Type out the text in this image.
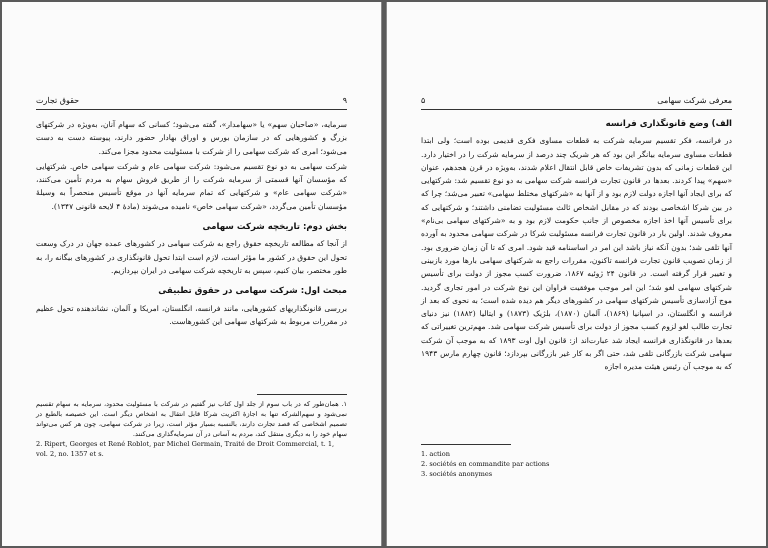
۹
حقوق تجارت

سرمایه، «صاحبان سهم» یا «سهامدار»، گفته می‌شود؛ کسانی که سهام آنان، به‌ویژه در شرکتهای بزرگ و کشورهایی که در سازمان بورس و اوراق بهادار حضور دارند، پیوسته دست به دست می‌شود؛ امری که شرکت سهامی را از شرکت با مسئولیت محدود مجزا می‌کند.

شرکت سهامی به دو نوع تقسیم می‌شود: شرکت سهامی عام و شرکت سهامی خاص. شرکتهایی که مؤسسان آنها قسمتی از سرمایه شرکت را از طریق فروش سهام به مردم تأمین می‌کنند، «شرکت سهامی عام» و شرکتهایی که تمام سرمایه آنها در موقع تأسیس منحصراً به وسیلهٔ مؤسسان تأمین می‌گردد، «شرکت سهامی خاص» نامیده می‌شوند (مادهٔ ۴ لایحه قانونی ۱۳۴۷).

بخش دوم: تاریخچه شرکت سهامی

از آنجا که مطالعه تاریخچه حقوق راجع به شرکت سهامی در کشورهای عمده جهان در درک وسعت تحول این حقوق در کشور ما مؤثر است، لازم است ابتدا تحول قانونگذاری در کشورهای بیگانه را، به طور مختصر، بیان کنیم، سپس به تاریخچه شرکت سهامی در ایران بپردازیم.

مبحث اول: شرکت سهامی در حقوق تطبیقی

بررسی قانونگذاریهای کشورهایی، مانند فرانسه، انگلستان، امریکا و آلمان، نشاندهنده تحول عظیم در مقررات مربوط به شرکتهای سهامی این کشورهاست.

۱. همان‌طور که در باب سوم از جلد اول کتاب نیز گفتیم در شرکت با مسئولیت محدود، سرمایه به سهام تقسیم نمی‌شود و سهم‌الشرکه تنها به اجازهٔ اکثریت شرکا قابل انتقال به اشخاص دیگر است. این خصیصه بالطبع در تصمیم اشخاصی که قصد تجارت دارند، بالنسبه بسیار مؤثر است، زیرا در شرکت سهامی، چون هر کس می‌تواند سهام خود را به دیگری منتقل کند، مردم به آسانی در آن سرمایه‌گذاری می‌کنند.

2. Ripert, Georges et René Roblot, par Michel Germain, Traité de Droit Commercial, t. 1, vol. 2, no. 1357 et s.

معرفی شرکت سهامی
۵
الف) وضع قانونگذاری فرانسه

در فرانسه، فکر تقسیم سرمایه شرکت به قطعات مساوی فکری قدیمی بوده است؛ ولی ابتدا قطعات مساوی سرمایه بیانگر این بود که هر شریک چند درصد از سرمایه شرکت را در اختیار دارد. این قطعات زمانی که بدون تشریفات خاص قابل انتقال اعلام شدند، به‌ویژه در قرن هجدهم، عنوان «سهم» پیدا کردند. بعدها در قانون تجارت فرانسه شرکت سهامی به دو نوع تقسیم شد: شرکتهایی که برای ایجاد آنها اجازه دولت لازم بود و از آنها به «شرکتهای مختلط سهامی» تعبیر می‌شد؛ چرا که در بین شرکا اشخاصی بودند که در مقابل اشخاص ثالث مسئولیت تضامنی داشتند؛ و شرکتهایی که برای تأسیس آنها اخذ اجازه مخصوص از جانب حکومت لازم بود و به «شرکتهای سهامی بی‌نام» معروف شدند. اولین بار در قانون تجارت فرانسه مسئولیت شرکا در شرکت سهامی محدود به آورده آنها تلقی شد؛ بدون آنکه نیاز باشد این امر در اساسنامه قید شود. امری که تا آن زمان ضروری بود. از زمان تصویب قانون تجارت فرانسه تاکنون، مقررات راجع به شرکتهای سهامی بارها مورد بازبینی و تغییر قرار گرفته است. در قانون ۲۴ ژوئیه ۱۸۶۷، ضرورت کسب مجوز از دولت برای تأسیس شرکتهای سهامی لغو شد؛ این امر موجب موفقیت فراوان این نوع شرکت در امور تجاری گردید. موج آزادسازی تأسیس شرکتهای سهامی در کشورهای دیگر هم دیده شده است؛ به نحوی که بعد از فرانسه و انگلستان، در اسپانیا (۱۸۶۹)، آلمان (۱۸۷۰)، بلژیک (۱۸۷۳) و ایتالیا (۱۸۸۲) نیز دنیای تجارت طالب لغو لزوم کسب مجوز از دولت برای تأسیس شرکت سهامی شد. مهم‌ترین تغییراتی که بعدها در قانونگذاری فرانسه ایجاد شد عبارت‌اند از: قانون اول اوت ۱۸۹۳ که به موجب آن شرکت سهامی شرکت بازرگانی تلقی شد، حتی اگر به کار غیر بازرگانی بپردازد؛ قانون چهارم مارس ۱۹۴۳ که به موجب آن رئیس هیئت مدیره اجازه

1. action

2. sociétés en commandite par actions

3. sociétés anonymes
